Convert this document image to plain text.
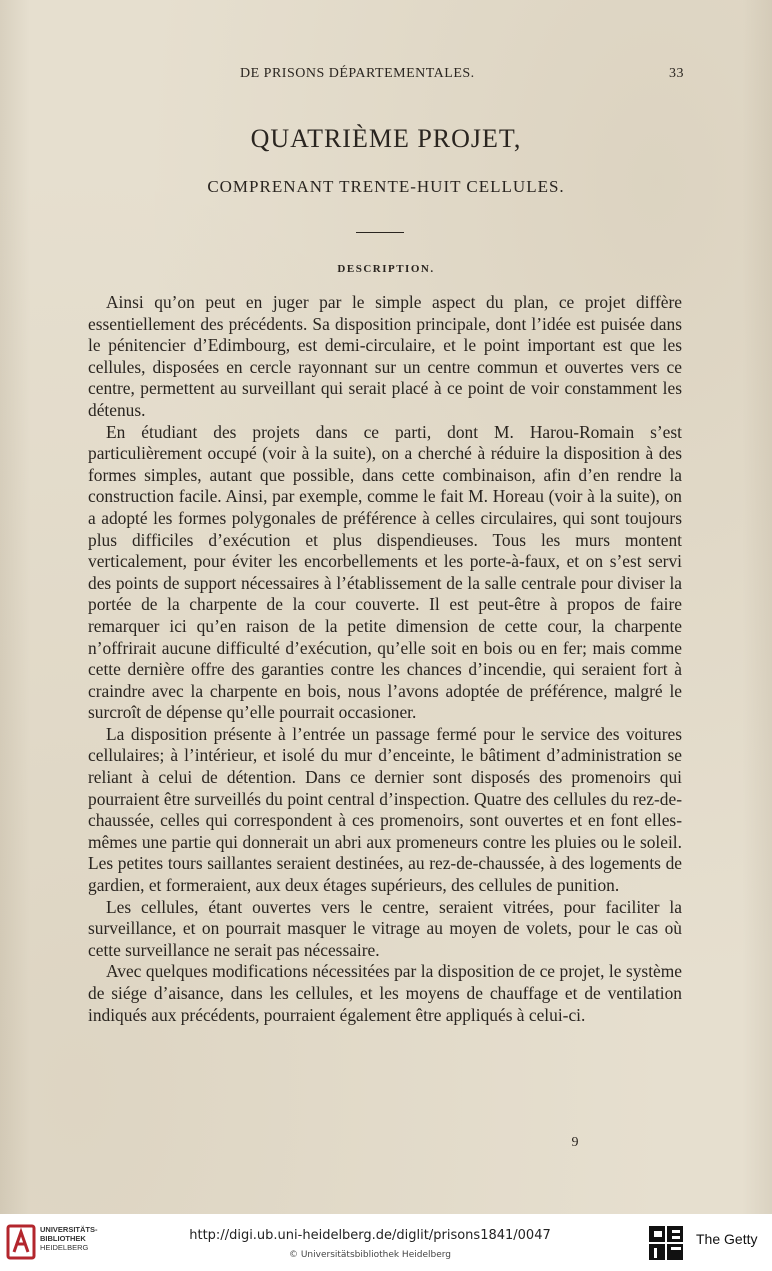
DE PRISONS DÉPARTEMENTALES.	33
QUATRIÈME PROJET,
COMPRENANT TRENTE-HUIT CELLULES.
DESCRIPTION.

Ainsi qu’on peut en juger par le simple aspect du plan, ce projet diffère essentiellement des précédents. Sa disposition principale, dont l’idée est puisée dans le pénitencier d’Edimbourg, est demi-circulaire, et le point important est que les cellules, disposées en cercle rayonnant sur un centre commun et ouvertes vers ce centre, permettent au surveillant qui serait placé à ce point de voir constamment les détenus.

En étudiant des projets dans ce parti, dont M. Harou-Romain s’est particulièrement occupé (voir à la suite), on a cherché à réduire la disposition à des formes simples, autant que possible, dans cette combinaison, afin d’en rendre la construction facile. Ainsi, par exemple, comme le fait M. Horeau (voir à la suite), on a adopté les formes polygonales de préférence à celles circulaires, qui sont toujours plus difficiles d’exécution et plus dispendieuses. Tous les murs montent verticalement, pour éviter les encorbellements et les porte-à-faux, et on s’est servi des points de support nécessaires à l’établissement de la salle centrale pour diviser la portée de la charpente de la cour couverte. Il est peut-être à propos de faire remarquer ici qu’en raison de la petite dimension de cette cour, la charpente n’offrirait aucune difficulté d’exécution, qu’elle soit en bois ou en fer; mais comme cette dernière offre des garanties contre les chances d’incendie, qui seraient fort à craindre avec la charpente en bois, nous l’avons adoptée de préférence, malgré le surcroît de dépense qu’elle pourrait occasioner.

La disposition présente à l’entrée un passage fermé pour le service des voitures cellulaires; à l’intérieur, et isolé du mur d’enceinte, le bâtiment d’administration se reliant à celui de détention. Dans ce dernier sont disposés des promenoirs qui pourraient être surveillés du point central d’inspection. Quatre des cellules du rez-de-chaussée, celles qui correspondent à ces promenoirs, sont ouvertes et en font elles-mêmes une partie qui donnerait un abri aux promeneurs contre les pluies ou le soleil. Les petites tours saillantes seraient destinées, au rez-de-chaussée, à des logements de gardien, et formeraient, aux deux étages supérieurs, des cellules de punition.

Les cellules, étant ouvertes vers le centre, seraient vitrées, pour faciliter la surveillance, et on pourrait masquer le vitrage au moyen de volets, pour le cas où cette surveillance ne serait pas nécessaire.

Avec quelques modifications nécessitées par la disposition de ce projet, le système de siége d’aisance, dans les cellules, et les moyens de chauffage et de ventilation indiqués aux précédents, pourraient également être appliqués à celui-ci.

9
UNIVERSITÄTS-
BIBLIOTHEK
HEIDELBERG
http://digi.ub.uni-heidelberg.de/diglit/prisons1841/0047
© Universitätsbibliothek Heidelberg
The Getty
